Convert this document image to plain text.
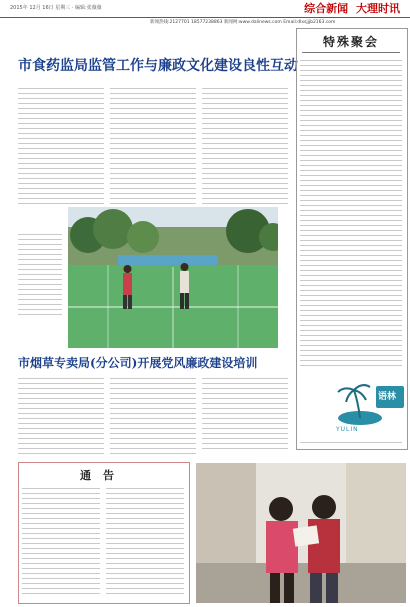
2015年 12月 16日 星期三 · 编辑:张薇薇	综合新闻 大理时讯
新闻热线:2127701 18577238863 新闻网:www.dalinews.com Email:dlxsjjjb2163.com
市食药监局监管工作与廉政文化建设良性互动
特殊聚会
语林
YULIN
市烟草专卖局(分公司)开展党风廉政建设培训
通告
